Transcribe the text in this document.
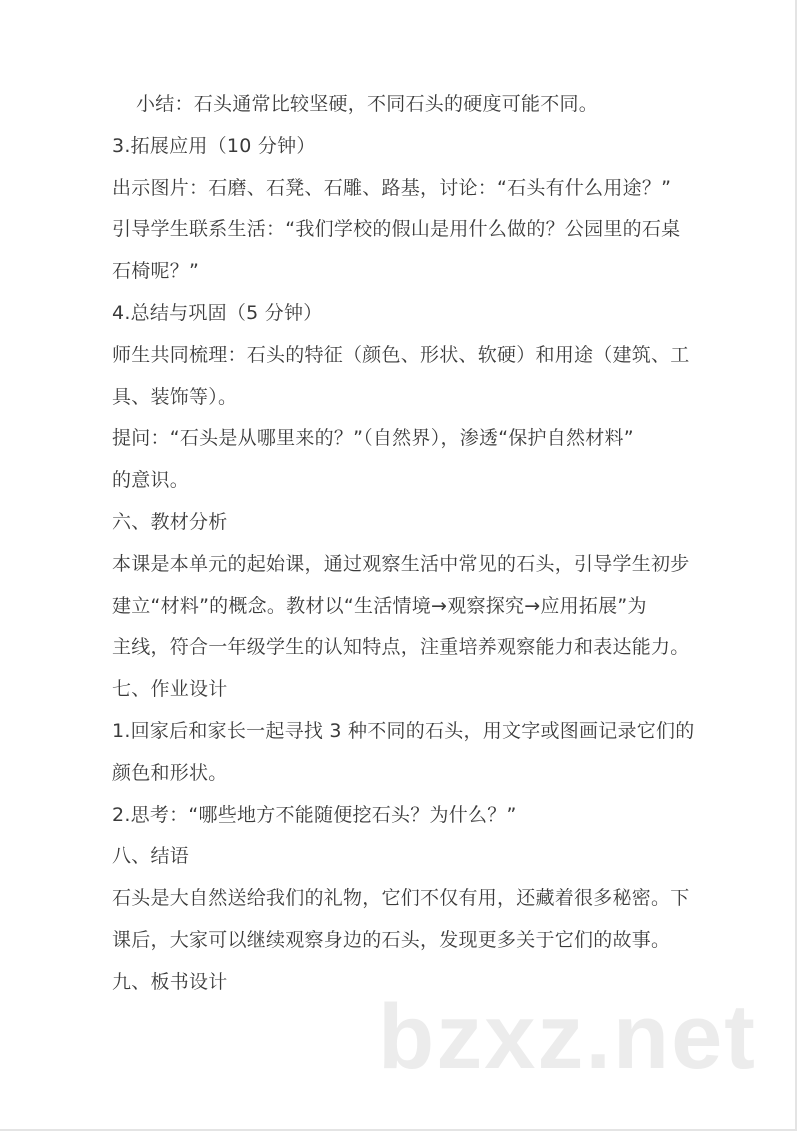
小结：石头通常比较坚硬，不同石头的硬度可能不同。
3.拓展应用（10 分钟）
出示图片：石磨、石凳、石雕、路基，讨论：“石头有什么用途？”
引导学生联系生活：“我们学校的假山是用什么做的？公园里的石桌
石椅呢？”
4.总结与巩固（5 分钟）
师生共同梳理：石头的特征（颜色、形状、软硬）和用途（建筑、工
具、装饰等）。
提问：“石头是从哪里来的？”（自然界），渗透“保护自然材料”
的意识。
六、教材分析
本课是本单元的起始课，通过观察生活中常见的石头，引导学生初步
建立“材料”的概念。教材以“生活情境→观察探究→应用拓展”为
主线，符合一年级学生的认知特点，注重培养观察能力和表达能力。
七、作业设计
1.回家后和家长一起寻找 3 种不同的石头，用文字或图画记录它们的
颜色和形状。
2.思考：“哪些地方不能随便挖石头？为什么？”
八、结语
石头是大自然送给我们的礼物，它们不仅有用，还藏着很多秘密。下
课后，大家可以继续观察身边的石头，发现更多关于它们的故事。
九、板书设计
bzxz.net
